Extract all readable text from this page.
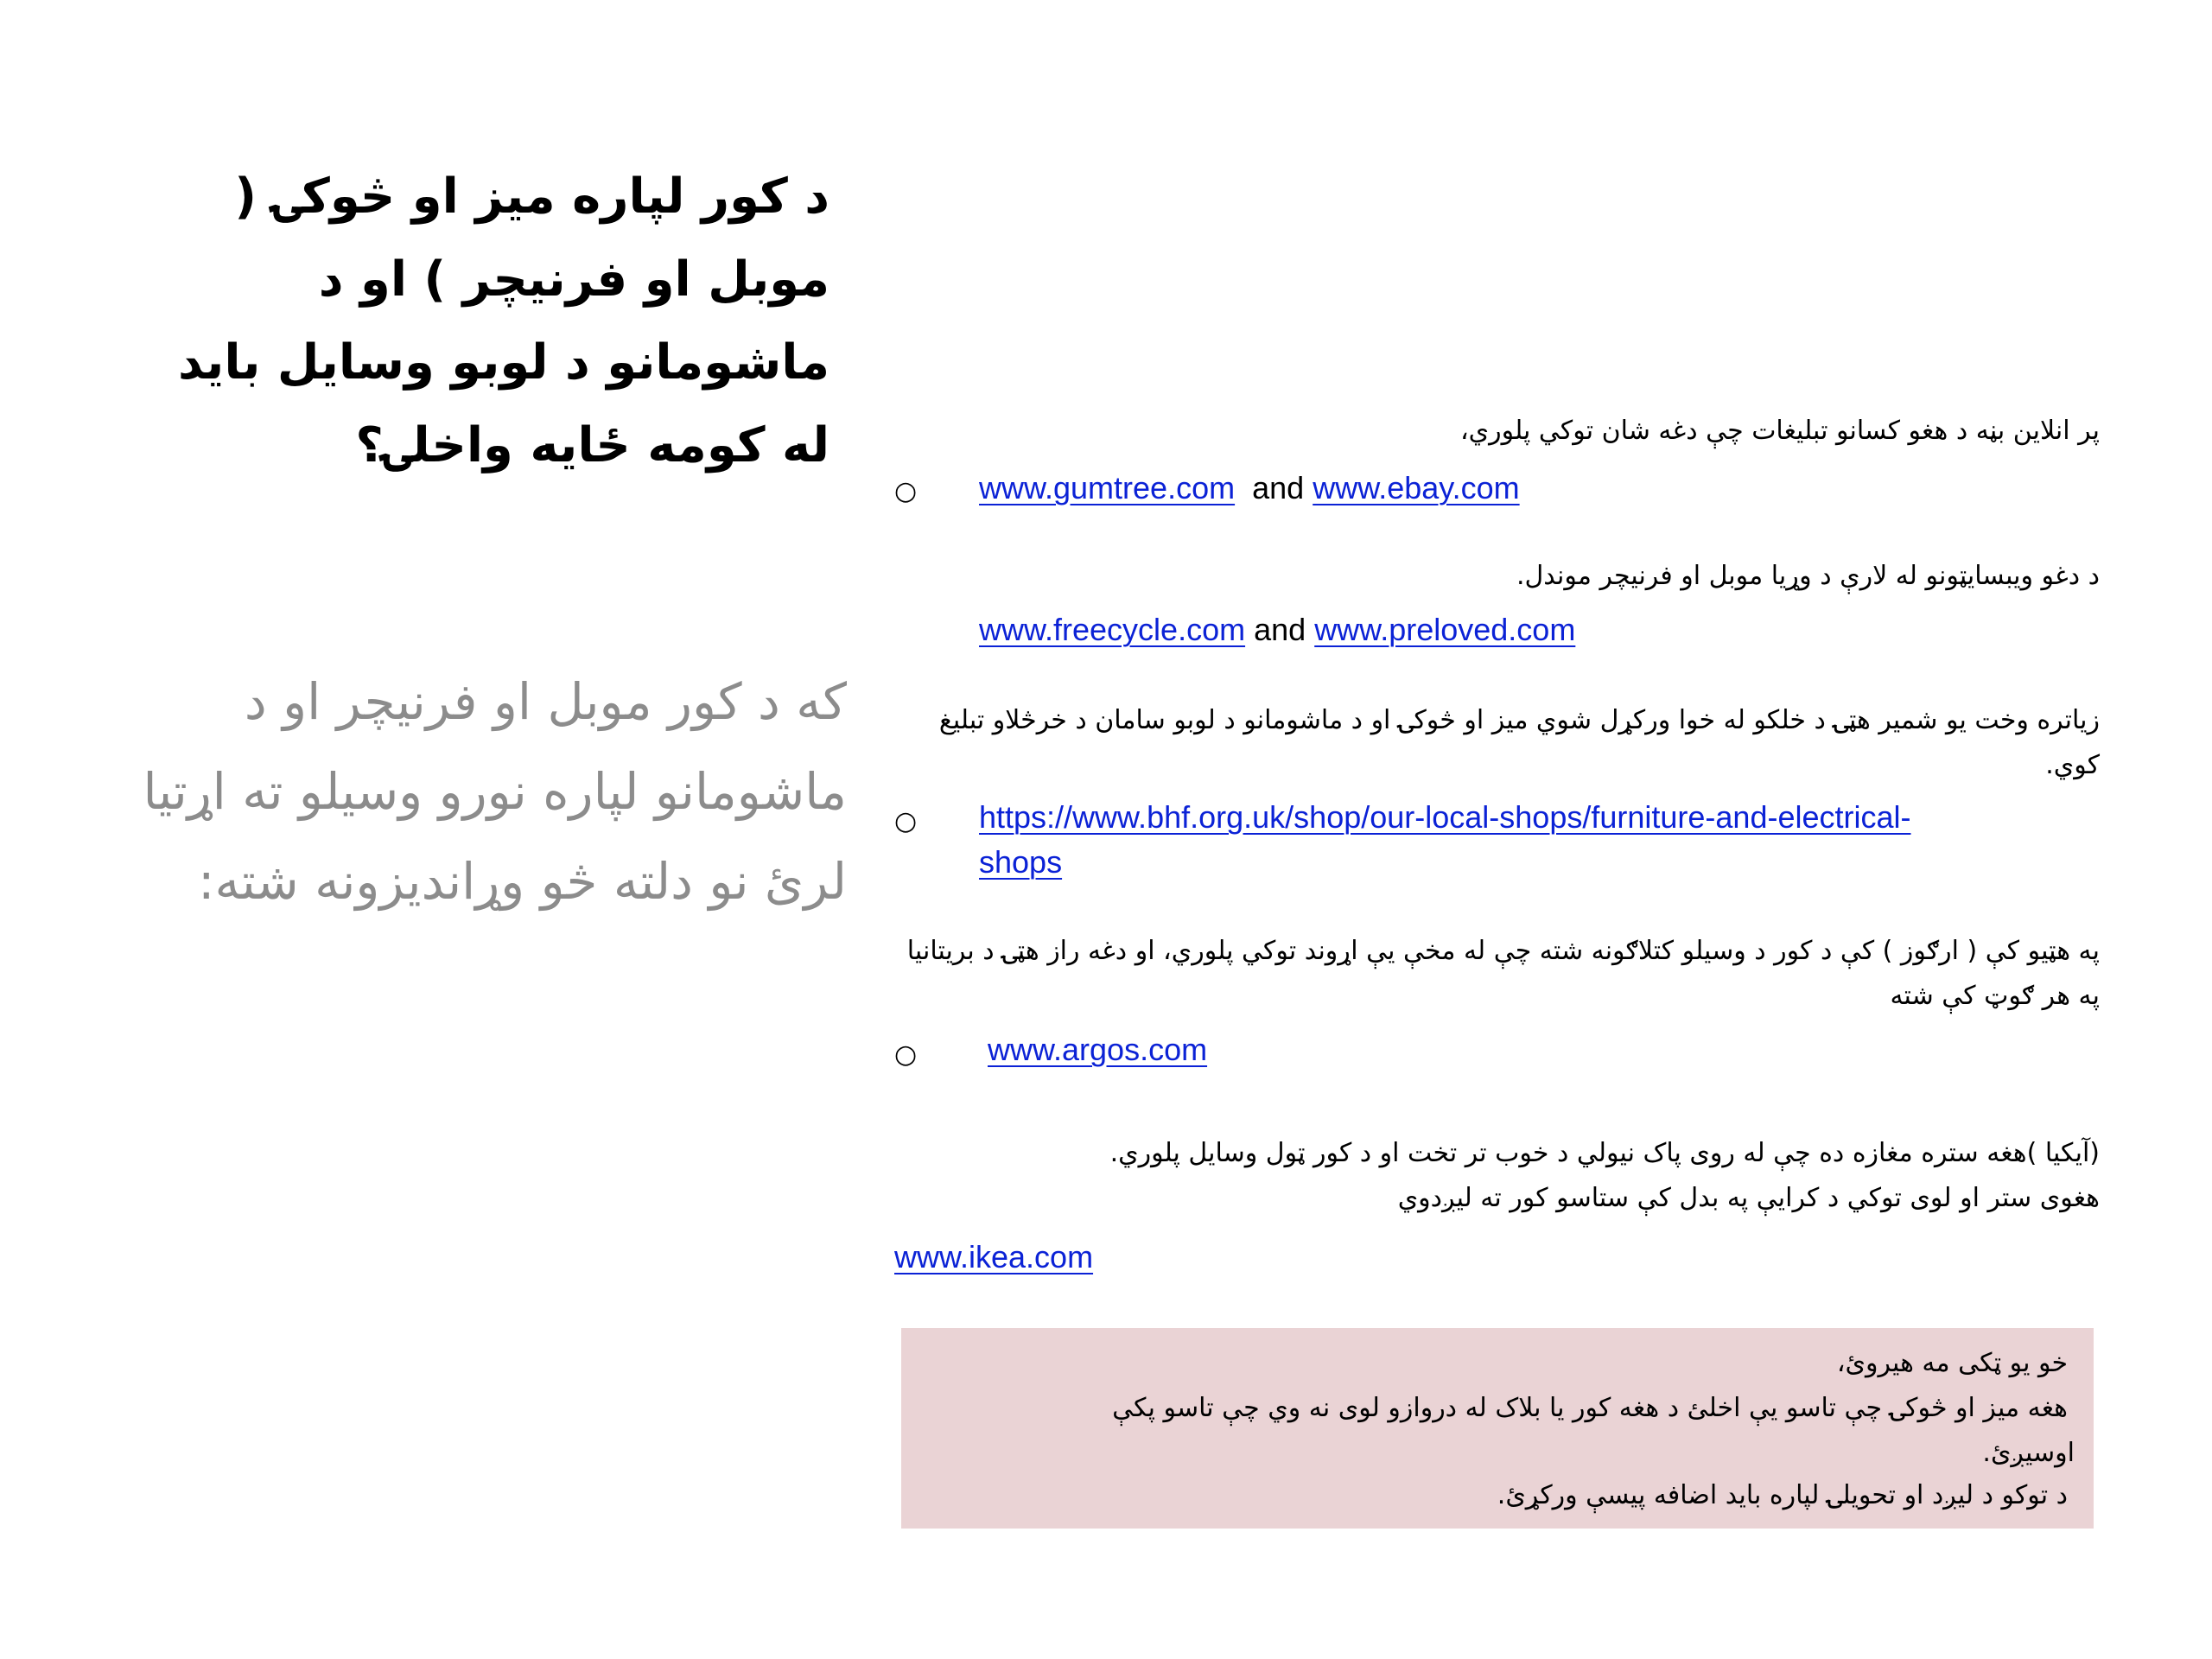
د کور لپاره میز او څوکۍ ( موبل او فرنیچر ) او د ماشومانو د لوبو وسایل باید له کومه ځایه واخلۍ؟

که د کور موبل او فرنیچر او د ماشومانو لپاره نورو وسیلو ته اړتیا لرئ نو دلته څو وړاندیزونه شته:

پر انلاین بڼه د هغو کسانو تبلیغات چې دغه شان توکي پلوري،

○ www.gumtree.com and www.ebay.com

د دغو ویبسایټونو له لارې د وړیا موبل او فرنیچر موندل.

www.freecycle.com and www.preloved.com

زیاتره وخت یو شمیر هټۍ د خلکو له خوا ورکړل شوي میز او څوکۍ او د ماشومانو د لوبو سامان د خرڅلاو تبلیغ کوي.

○ https://www.bhf.org.uk/shop/our-local-shops/furniture-and-electrical-
shops

په هټیو کې ( ارګوز ) کې د کور د وسیلو کتلاګونه شته چې له مخې یې اړوند توکي پلوري، او دغه راز هټۍ د بریتانیا په هر ګوټ کې شته

○ www.argos.com

(آیکیا )هغه ستره مغازه ده چې له روی پاک نیولي د خوب تر تخت او د کور ټول وسایل پلوري.

هغوی ستر او لوی توکي د کرایې په بدل کې ستاسو کور ته لیږدوي

www.ikea.com

خو یو ټکی مه هیروئ،

هغه میز او څوکۍ چې تاسو یې اخلئ د هغه کور یا بلاک له دروازو لوی نه وي چې تاسو پکې

اوسیږئ.

د توکو د لیږد او تحویلۍ لپاره باید اضافه پیسې ورکړئ.
